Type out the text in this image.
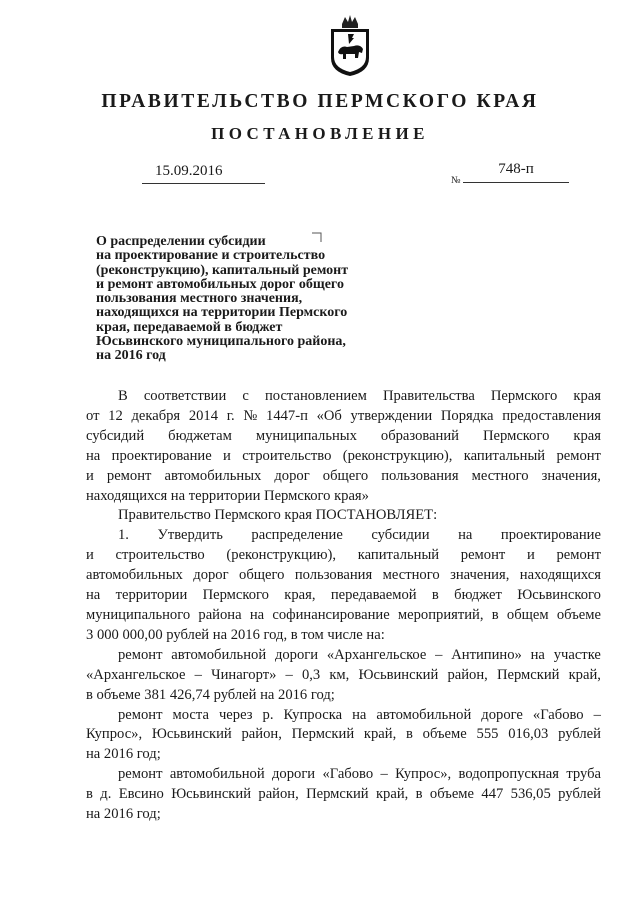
ПРАВИТЕЛЬСТВО ПЕРМСКОГО КРАЯ
ПОСТАНОВЛЕНИЕ
15.09.2016
№
748-п
О распределении субсидии
на проектирование и строительство
(реконструкцию), капитальный ремонт
и ремонт автомобильных дорог общего
пользования местного значения,
находящихся на территории Пермского
края, передаваемой в бюджет
Юсьвинского муниципального района,
на 2016 год
В соответствии с постановлением Правительства Пермского края
от 12 декабря 2014 г. № 1447-п «Об утверждении Порядка предоставления
субсидий бюджетам муниципальных образований Пермского края
на проектирование и строительство (реконструкцию), капитальный ремонт
и ремонт автомобильных дорог общего пользования местного значения,
находящихся на территории Пермского края»
Правительство Пермского края ПОСТАНОВЛЯЕТ:
1. Утвердить распределение субсидии на проектирование
и строительство (реконструкцию), капитальный ремонт и ремонт
автомобильных дорог общего пользования местного значения, находящихся
на территории Пермского края, передаваемой в бюджет Юсьвинского
муниципального района на софинансирование мероприятий, в общем объеме
3 000 000,00 рублей на 2016 год, в том числе на:
ремонт автомобильной дороги «Архангельское – Антипино» на участке
«Архангельское – Чинагорт» – 0,3 км, Юсьвинский район, Пермский край,
в объеме 381 426,74 рублей на 2016 год;
ремонт моста через р. Купроска на автомобильной дороге «Габово –
Купрос», Юсьвинский район, Пермский край, в объеме 555 016,03 рублей
на 2016 год;
ремонт автомобильной дороги «Габово – Купрос», водопропускная труба
в д. Евсино Юсьвинский район, Пермский край, в объеме 447 536,05 рублей
на 2016 год;
